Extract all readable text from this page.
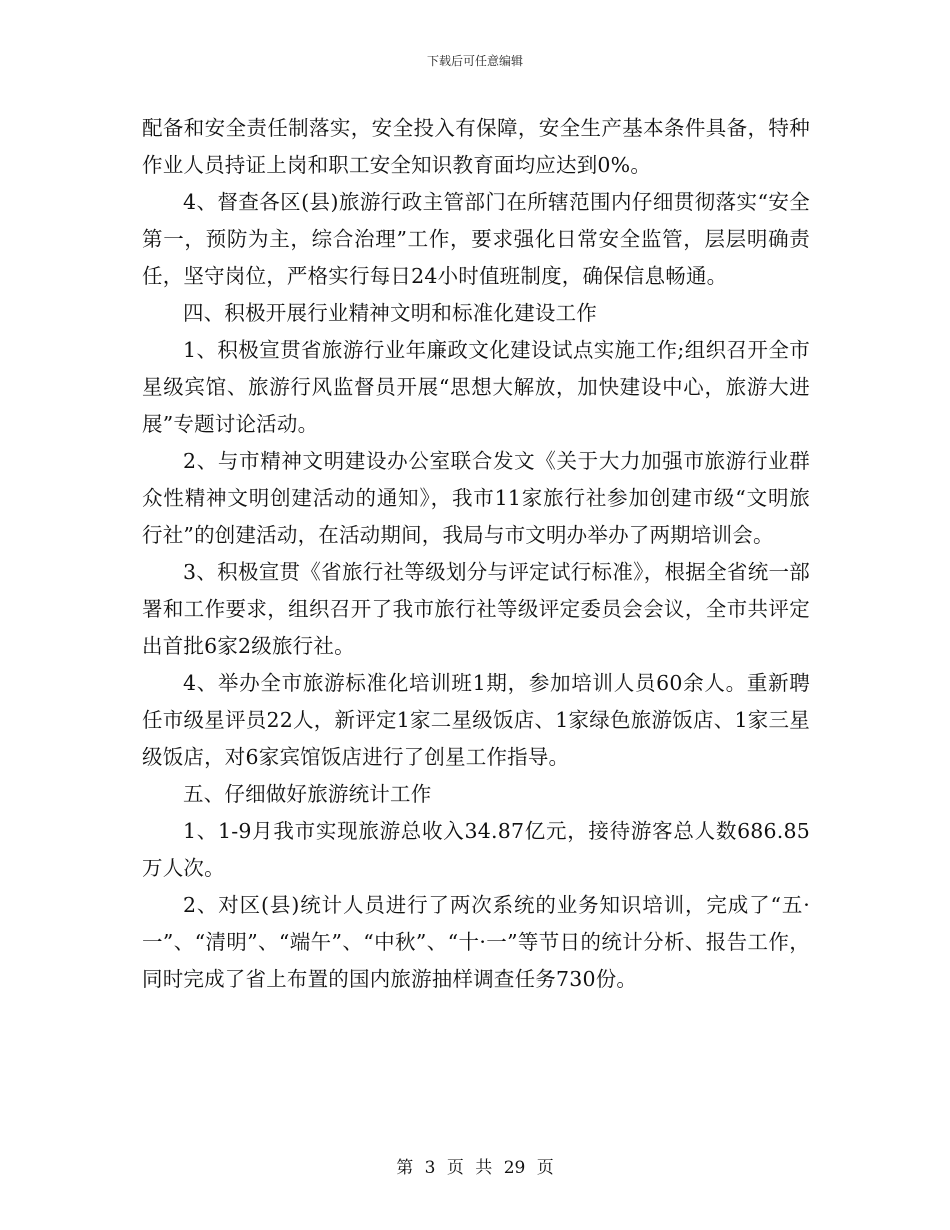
下载后可任意编辑

配备和安全责任制落实，安全投入有保障，安全生产基本条件具备，特种作业人员持证上岗和职工安全知识教育面均应达到0%。

4、督查各区(县)旅游行政主管部门在所辖范围内仔细贯彻落实“安全第一，预防为主，综合治理”工作，要求强化日常安全监管，层层明确责任，坚守岗位，严格实行每日24小时值班制度，确保信息畅通。

四、积极开展行业精神文明和标准化建设工作

1、积极宣贯省旅游行业年廉政文化建设试点实施工作;组织召开全市星级宾馆、旅游行风监督员开展“思想大解放，加快建设中心，旅游大进展”专题讨论活动。

2、与市精神文明建设办公室联合发文《关于大力加强市旅游行业群众性精神文明创建活动的通知》，我市11家旅行社参加创建市级“文明旅行社”的创建活动，在活动期间，我局与市文明办举办了两期培训会。

3、积极宣贯《省旅行社等级划分与评定试行标准》，根据全省统一部署和工作要求，组织召开了我市旅行社等级评定委员会会议，全市共评定出首批6家2级旅行社。

4、举办全市旅游标准化培训班1期，参加培训人员60余人。重新聘任市级星评员22人，新评定1家二星级饭店、1家绿色旅游饭店、1家三星级饭店，对6家宾馆饭店进行了创星工作指导。

五、仔细做好旅游统计工作

1、1-9月我市实现旅游总收入34.87亿元，接待游客总人数686.85万人次。

2、对区(县)统计人员进行了两次系统的业务知识培训，完成了“五·一”、“清明”、“端午”、“中秋”、“十·一”等节日的统计分析、报告工作，同时完成了省上布置的国内旅游抽样调查任务730份。

第 3 页 共 29 页
